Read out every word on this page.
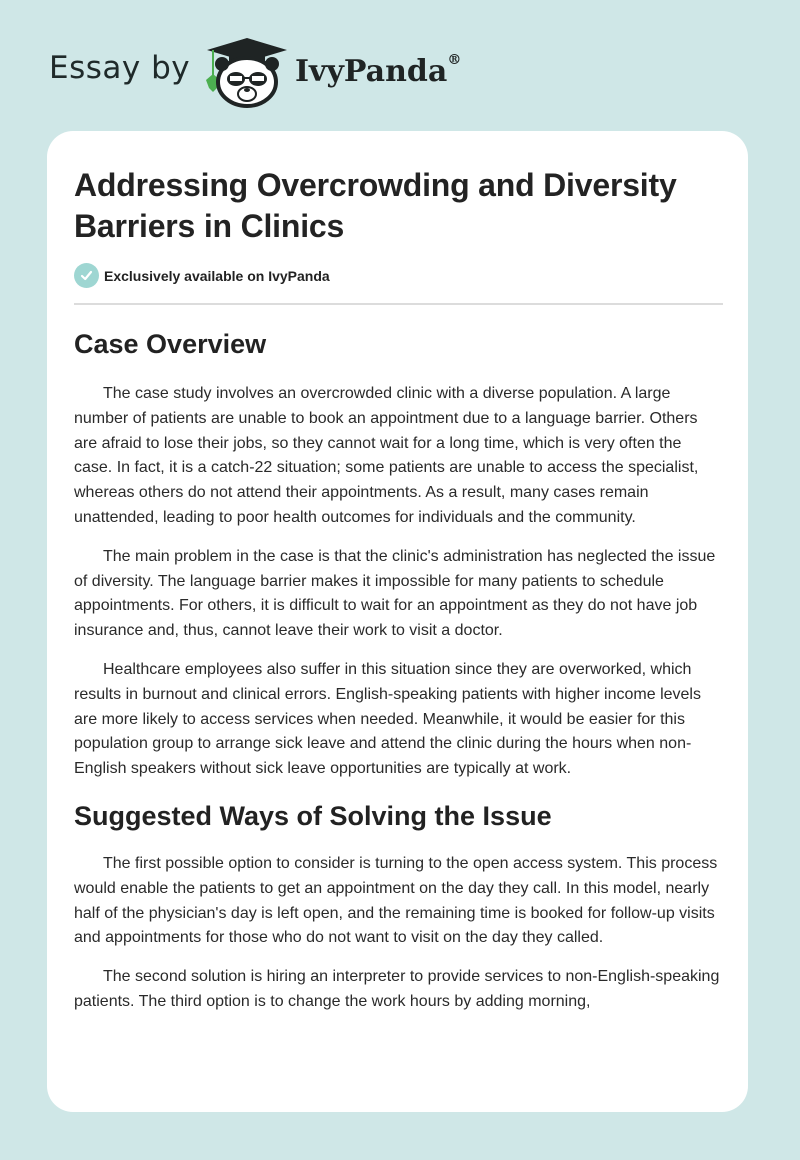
Essay by	IvyPanda®
Addressing Overcrowding and Diversity Barriers in Clinics
Exclusively available on IvyPanda
Case Overview

The case study involves an overcrowded clinic with a diverse population. A large number of patients are unable to book an appointment due to a language barrier. Others are afraid to lose their jobs, so they cannot wait for a long time, which is very often the case. In fact, it is a catch-22 situation; some patients are unable to access the specialist, whereas others do not attend their appointments. As a result, many cases remain unattended, leading to poor health outcomes for individuals and the community.

The main problem in the case is that the clinic's administration has neglected the issue of diversity. The language barrier makes it impossible for many patients to schedule appointments. For others, it is difficult to wait for an appointment as they do not have job insurance and, thus, cannot leave their work to visit a doctor.

Healthcare employees also suffer in this situation since they are overworked, which results in burnout and clinical errors. English-speaking patients with higher income levels are more likely to access services when needed. Meanwhile, it would be easier for this population group to arrange sick leave and attend the clinic during the hours when non-English speakers without sick leave opportunities are typically at work.

Suggested Ways of Solving the Issue

The first possible option to consider is turning to the open access system. This process would enable the patients to get an appointment on the day they call. In this model, nearly half of the physician's day is left open, and the remaining time is booked for follow-up visits and appointments for those who do not want to visit on the day they called.

The second solution is hiring an interpreter to provide services to non-English-speaking patients. The third option is to change the work hours by adding morning,
